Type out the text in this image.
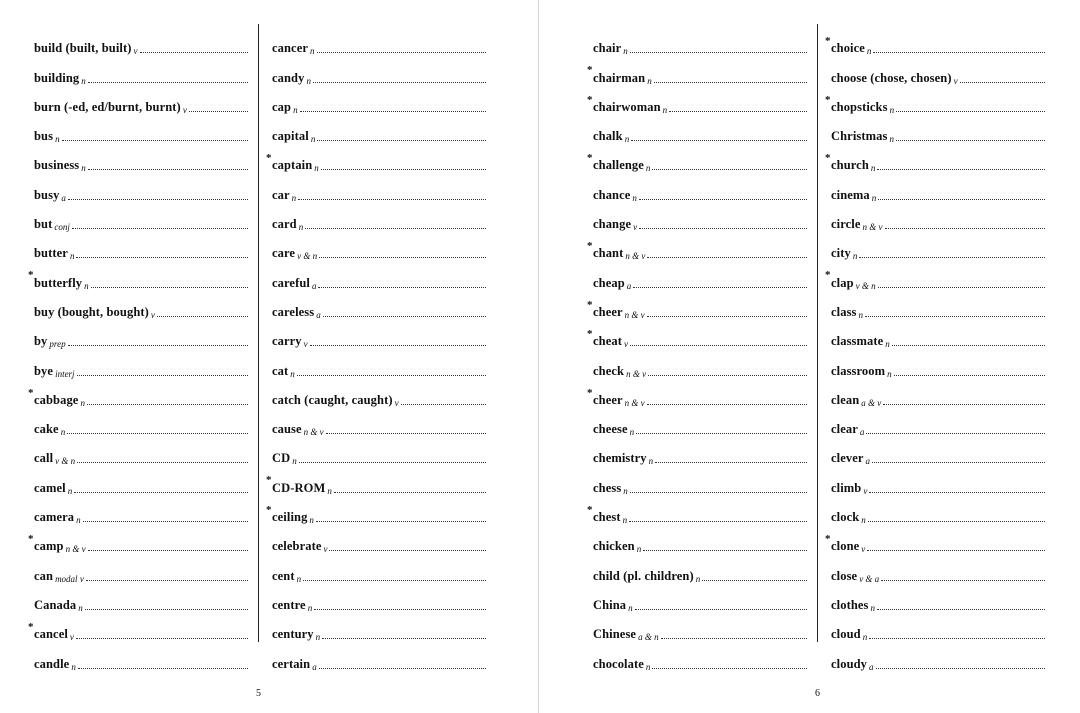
build (built, built) v
building n
burn (-ed, ed/burnt, burnt) v
bus n
business n
busy a
but conj
butter n
*
butterfly n
buy (bought, bought) v
by prep
bye interj
*
cabbage n
cake n
call v & n
camel n
camera n
*
camp n & v
can modal v
Canada n
*
cancel v
candle n
cancer n
candy n
cap n
capital n
*
captain n
car n
card n
care v & n
careful a
careless a
carry v
cat n
catch (caught, caught) v
cause n & v
CD n
*
CD-ROM n
*
ceiling n
celebrate v
cent n
centre n
century n
certain a
5
chair n
*
chairman n
*
chairwoman n
chalk n
*
challenge n
chance n
change v
*
chant n & v
cheap a
*
cheer n & v
*
cheat v
check n & v
*
cheer n & v
cheese n
chemistry n
chess n
*
chest n
chicken n
child (pl. children) n
China n
Chinese a & n
chocolate n
*
choice n
choose (chose, chosen) v
*
chopsticks n
Christmas n
*
church n
cinema n
circle n & v
city n
*
clap v & n
class n
classmate n
classroom n
clean a & v
clear a
clever a
climb v
clock n
*
clone v
close v & a
clothes n
cloud n
cloudy a
6
